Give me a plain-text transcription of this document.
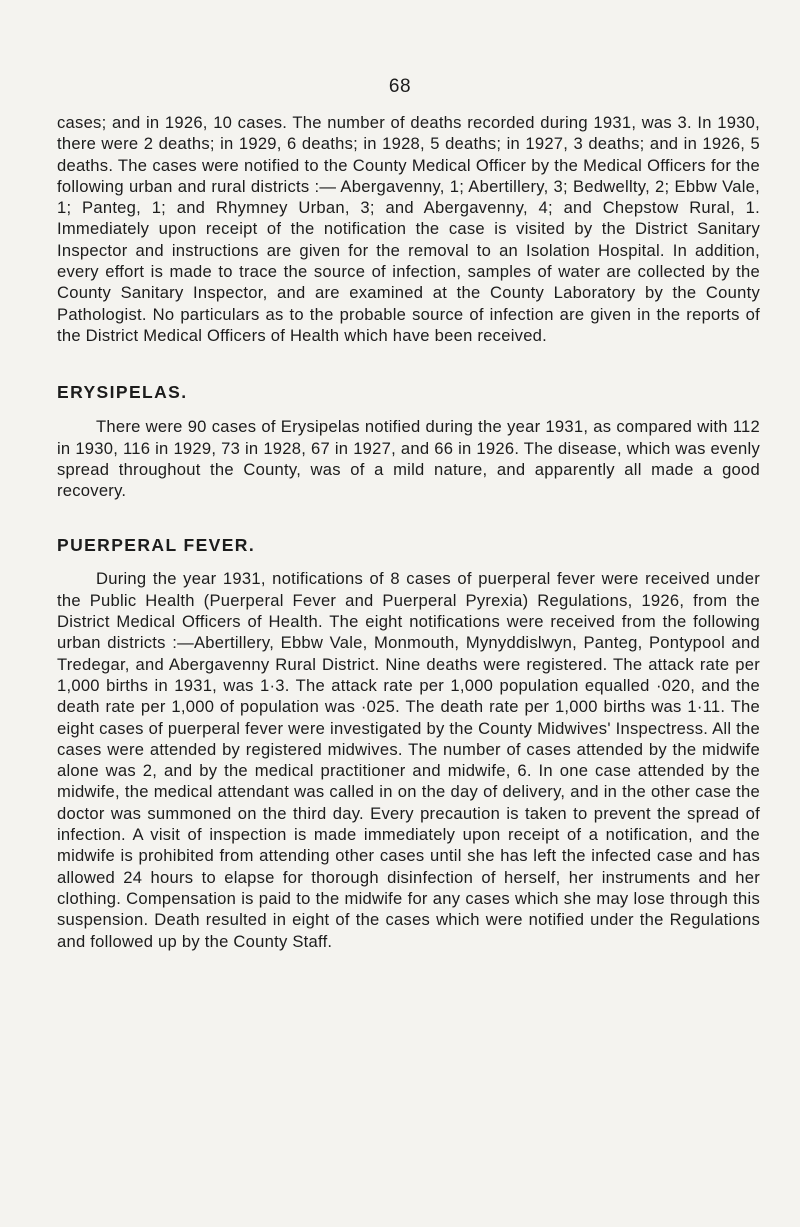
68

cases; and in 1926, 10 cases. The number of deaths recorded during 1931, was 3. In 1930, there were 2 deaths; in 1929, 6 deaths; in 1928, 5 deaths; in 1927, 3 deaths; and in 1926, 5 deaths. The cases were notified to the County Medical Officer by the Medical Officers for the following urban and rural districts :— Abergavenny, 1; Abertillery, 3; Bedwellty, 2; Ebbw Vale, 1; Panteg, 1; and Rhymney Urban, 3; and Abergavenny, 4; and Chepstow Rural, 1. Immediately upon receipt of the notification the case is visited by the District Sanitary Inspector and instructions are given for the removal to an Isolation Hospital. In addition, every effort is made to trace the source of infection, samples of water are collected by the County Sanitary Inspector, and are examined at the County Laboratory by the County Pathologist. No particulars as to the probable source of infection are given in the reports of the District Medical Officers of Health which have been received.

ERYSIPELAS.

There were 90 cases of Erysipelas notified during the year 1931, as compared with 112 in 1930, 116 in 1929, 73 in 1928, 67 in 1927, and 66 in 1926. The disease, which was evenly spread throughout the County, was of a mild nature, and apparently all made a good recovery.

PUERPERAL FEVER.

During the year 1931, notifications of 8 cases of puerperal fever were received under the Public Health (Puerperal Fever and Puerperal Pyrexia) Regulations, 1926, from the District Medical Officers of Health. The eight notifications were received from the following urban districts :—Abertillery, Ebbw Vale, Monmouth, Mynyddislwyn, Panteg, Pontypool and Tredegar, and Abergavenny Rural District. Nine deaths were registered. The attack rate per 1,000 births in 1931, was 1·3. The attack rate per 1,000 population equalled ·020, and the death rate per 1,000 of population was ·025. The death rate per 1,000 births was 1·11. The eight cases of puerperal fever were investigated by the County Midwives' Inspectress. All the cases were attended by registered midwives. The number of cases attended by the midwife alone was 2, and by the medical practitioner and midwife, 6. In one case attended by the midwife, the medical attendant was called in on the day of delivery, and in the other case the doctor was summoned on the third day. Every precaution is taken to prevent the spread of infection. A visit of inspection is made immediately upon receipt of a notification, and the midwife is prohibited from attending other cases until she has left the infected case and has allowed 24 hours to elapse for thorough disinfection of herself, her instruments and her clothing. Compensation is paid to the midwife for any cases which she may lose through this suspension. Death resulted in eight of the cases which were notified under the Regulations and followed up by the County Staff.
